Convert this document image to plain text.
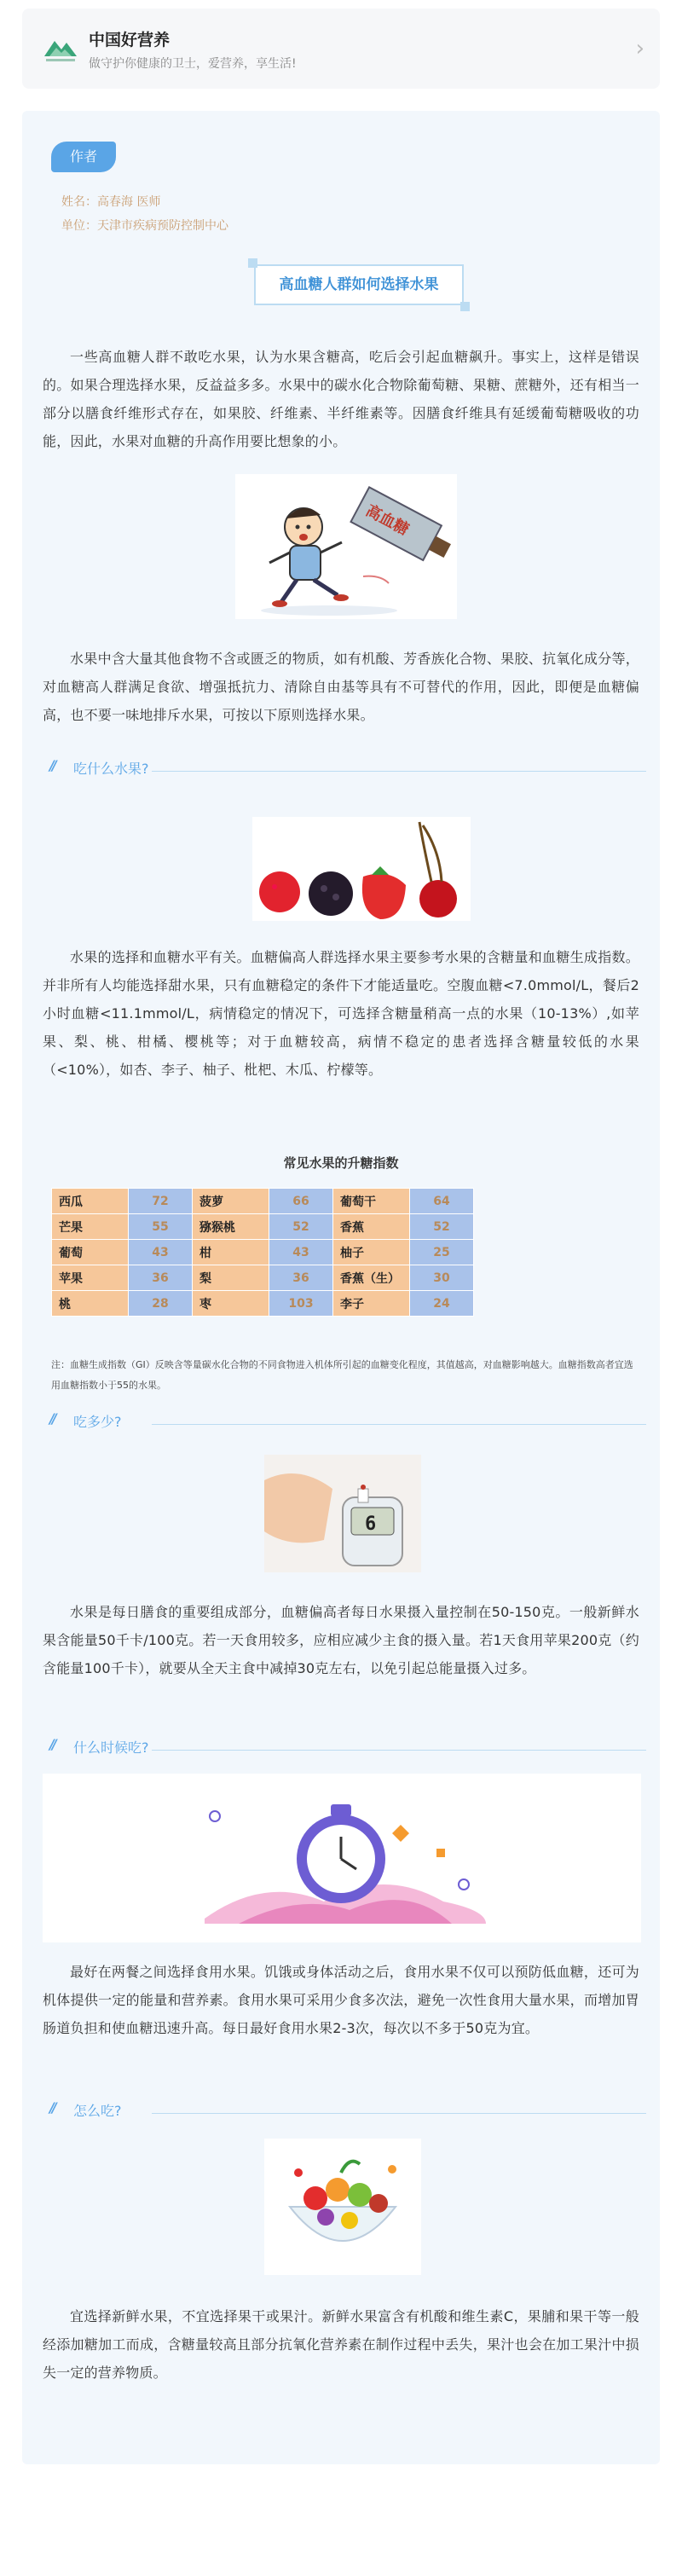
中国好营养
做守护你健康的卫士，爱营养，享生活!
›
作者
姓名：高春海 医师
单位：天津市疾病预防控制中心
高血糖人群如何选择水果
一些高血糖人群不敢吃水果，认为水果含糖高，吃后会引起血糖飙升。事实上，这样是错误的。如果合理选择水果，反益益多多。水果中的碳水化合物除葡萄糖、果糖、蔗糖外，还有相当一部分以膳食纤维形式存在，如果胶、纤维素、半纤维素等。因膳食纤维具有延缓葡萄糖吸收的功能，因此，水果对血糖的升高作用要比想象的小。
高血糖
水果中含大量其他食物不含或匮乏的物质，如有机酸、芳香族化合物、果胶、抗氧化成分等，对血糖高人群满足食欲、增强抵抗力、清除自由基等具有不可替代的作用，因此，即便是血糖偏高，也不要一味地排斥水果，可按以下原则选择水果。
// 吃什么水果?
水果的选择和血糖水平有关。血糖偏高人群选择水果主要参考水果的含糖量和血糖生成指数。并非所有人均能选择甜水果，只有血糖稳定的条件下才能适量吃。空腹血糖<7.0mmol/L，餐后2小时血糖<11.1mmol/L，病情稳定的情况下，可选择含糖量稍高一点的水果（10-13%）,如苹果、梨、桃、柑橘、樱桃等；对于血糖较高，病情不稳定的患者选择含糖量较低的水果（<10%），如杏、李子、柚子、枇杷、木瓜、柠檬等。
常见水果的升糖指数
西瓜	72	菠萝	66	葡萄干	64
芒果	55	猕猴桃	52	香蕉	52
葡萄	43	柑	43	柚子	25
苹果	36	梨	36	香蕉（生）	30
桃	28	枣	103	李子	24
注：血糖生成指数（GI）反映含等量碳水化合物的不同食物进入机体所引起的血糖变化程度，其值越高，对血糖影响越大。血糖指数高者宜选用血糖指数小于55的水果。
// 吃多少?
6
水果是每日膳食的重要组成部分，血糖偏高者每日水果摄入量控制在50-150克。一般新鲜水果含能量50千卡/100克。若一天食用较多，应相应减少主食的摄入量。若1天食用苹果200克（约含能量100千卡），就要从全天主食中减掉30克左右，以免引起总能量摄入过多。
// 什么时候吃?
最好在两餐之间选择食用水果。饥饿或身体活动之后，食用水果不仅可以预防低血糖，还可为机体提供一定的能量和营养素。食用水果可采用少食多次法，避免一次性食用大量水果，而增加胃肠道负担和使血糖迅速升高。每日最好食用水果2-3次，每次以不多于50克为宜。
// 怎么吃?
宜选择新鲜水果，不宜选择果干或果汁。新鲜水果富含有机酸和维生素C，果脯和果干等一般经添加糖加工而成，含糖量较高且部分抗氧化营养素在制作过程中丢失，果汁也会在加工果汁中损失一定的营养物质。
